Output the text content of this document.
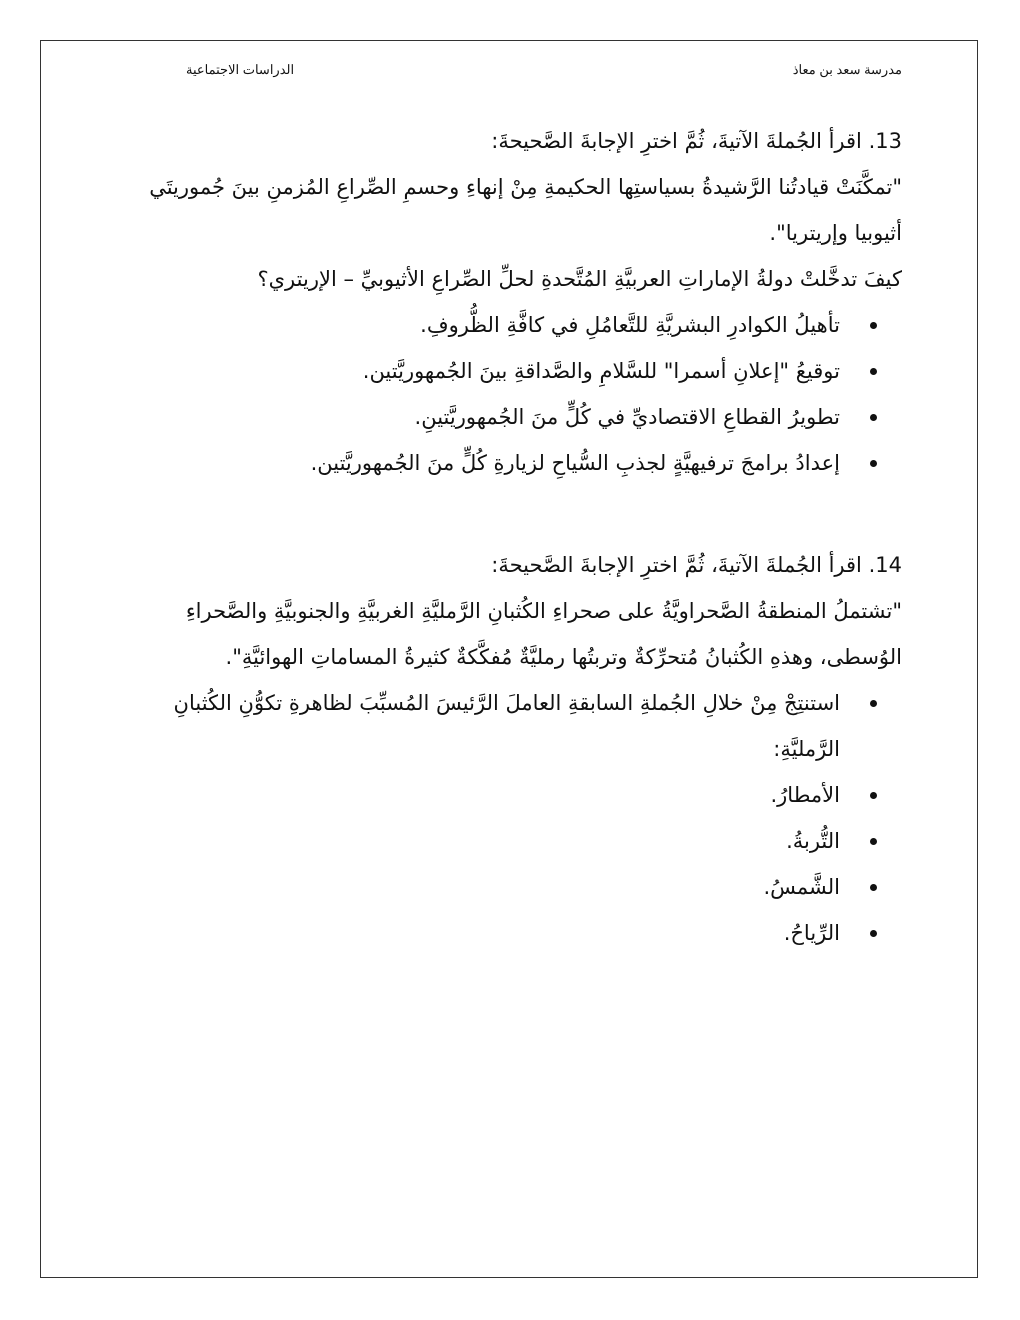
مدرسة سعد بن معاذ
الدراسات الاجتماعية

13. اقرأ الجُملةَ الآتيةَ، ثُمَّ اخترِ الإجابةَ الصَّحيحةَ:

"تمكَّنَتْ قيادتُنا الرَّشيدةُ بسياستِها الحكيمةِ مِنْ إنهاءِ وحسمِ الصِّراعِ المُزمنِ بينَ جُموريتَي أثيوبيا وإريتريا".

كيفَ تدخَّلتْ دولةُ الإماراتِ العربيَّةِ المُتَّحدةِ لحلِّ الصِّراعِ الأثيوبيِّ – الإريتري؟

تأهيلُ الكوادرِ البشريَّةِ للتَّعامُلِ في كافَّةِ الظُّروفِ.
توقيعُ "إعلانِ أسمرا" للسَّلامِ والصَّداقةِ بينَ الجُمهوريَّتين.
تطويرُ القطاعِ الاقتصاديِّ في كُلٍّ منَ الجُمهوريَّتينِ.
إعدادُ برامجَ ترفيهيَّةٍ لجذبِ السُّياحِ لزيارةِ كُلٍّ منَ الجُمهوريَّتين.

14. اقرأ الجُملةَ الآتيةَ، ثُمَّ اخترِ الإجابةَ الصَّحيحةَ:

"تشتملُ المنطقةُ الصَّحراويَّةُ على صحراءِ الكُثبانِ الرَّمليَّةِ الغربيَّةِ والجنوبيَّةِ والصَّحراءِ الوُسطى، وهذهِ الكُثبانُ مُتحرِّكةٌ وتربتُها رمليَّةٌ مُفكَّكةٌ كثيرةُ المساماتِ الهوائيَّةِ".

استنتِجْ مِنْ خلالِ الجُملةِ السابقةِ العاملَ الرَّئيسَ المُسبِّبَ لظاهرةِ تكوُّنِ الكُثبانِ الرَّمليَّةِ:
الأمطارُ.
التُّربةُ.
الشَّمسُ.
الرِّياحُ.
